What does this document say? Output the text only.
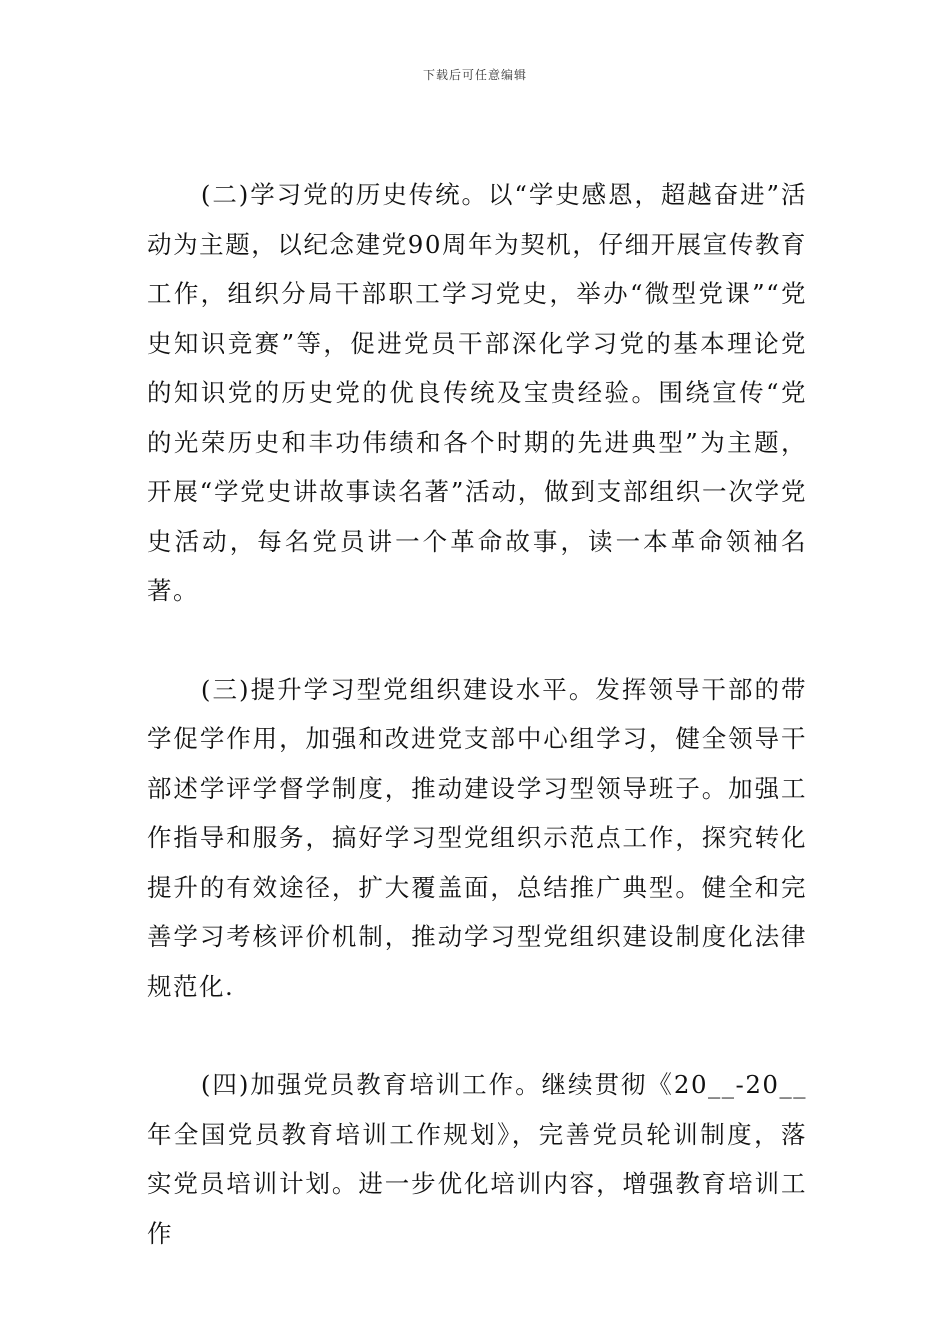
下载后可任意编辑

(二)学习党的历史传统。以“学史感恩，超越奋进”活动为主题，以纪念建党90周年为契机，仔细开展宣传教育工作，组织分局干部职工学习党史，举办“微型党课”“党史知识竞赛”等，促进党员干部深化学习党的基本理论党的知识党的历史党的优良传统及宝贵经验。围绕宣传“党的光荣历史和丰功伟绩和各个时期的先进典型”为主题，开展“学党史讲故事读名著”活动，做到支部组织一次学党史活动，每名党员讲一个革命故事，读一本革命领袖名著。

(三)提升学习型党组织建设水平。发挥领导干部的带学促学作用，加强和改进党支部中心组学习，健全领导干部述学评学督学制度，推动建设学习型领导班子。加强工作指导和服务，搞好学习型党组织示范点工作，探究转化提升的有效途径，扩大覆盖面，总结推广典型。健全和完善学习考核评价机制，推动学习型党组织建设制度化法律规范化.

(四)加强党员教育培训工作。继续贯彻《20__-20__年全国党员教育培训工作规划》，完善党员轮训制度，落实党员培训计划。进一步优化培训内容，增强教育培训工作
